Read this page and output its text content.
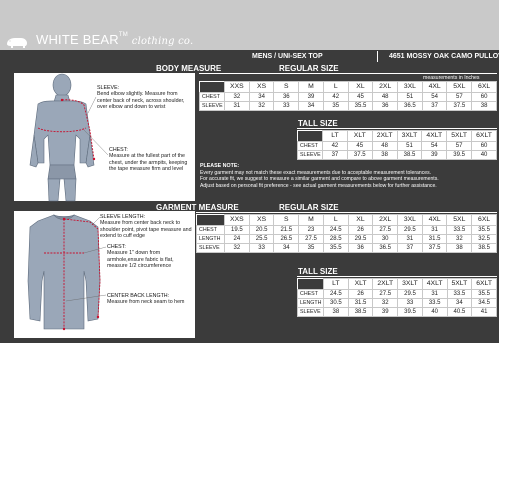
WHITE BEAR™ clothing co.
MENS / UNI-SEX TOP	4651 MOSSY OAK CAMO PULLOVER
SLEEVE:
Bend elbow slightly. Measure from center back of neck, across shoulder, over elbow and down to wrist
CHEST:
Measure at the fullest part of the chest, under the armpits, keeping the tape measure firm and level
BODY MEASURE	REGULAR SIZE
measurements in Inches
	XXS	XS	S	M	L	XL	2XL	3XL	4XL	5XL	6XL
CHEST	32	34	36	39	42	45	48	51	54	57	60
SLEEVE	31	32	33	34	35	35.5	36	36.5	37	37.5	38
TALL SIZE
	LT	XLT	2XLT	3XLT	4XLT	5XLT	6XLT
CHEST	42	45	48	51	54	57	60
SLEEVE	37	37.5	38	38.5	39	39.5	40
PLEASE NOTE:
Every garment may not match these exact measurements due to acceptable measurement tolerances.
For accurate fit, we suggest to measure a similar garment and compare to above garment measurements.
Adjust based on personal fit preference - see actual garment measurements below for further assistance.
SLEEVE LENGTH:
Measure from center back neck to shoulder point, pivot tape measure and extend to cuff edge
CHEST:
Measure 1" down from armhole,ensure fabric is flat, measure 1/2 circumference
CENTER BACK LENGTH:
Measure from neck seam to hem
GARMENT MEASURE	REGULAR SIZE
	XXS	XS	S	M	L	XL	2XL	3XL	4XL	5XL	6XL
CHEST	19.5	20.5	21.5	23	24.5	26	27.5	29.5	31	33.5	35.5
LENGTH	24	25.5	26.5	27.5	28.5	29.5	30	31	31.5	32	32.5
SLEEVE	32	33	34	35	35.5	36	36.5	37	37.5	38	38.5
TALL SIZE
	LT	XLT	2XLT	3XLT	4XLT	5XLT	6XLT
CHEST	24.5	26	27.5	29.5	31	33.5	35.5
LENGTH	30.5	31.5	32	33	33.5	34	34.5
SLEEVE	38	38.5	39	39.5	40	40.5	41
